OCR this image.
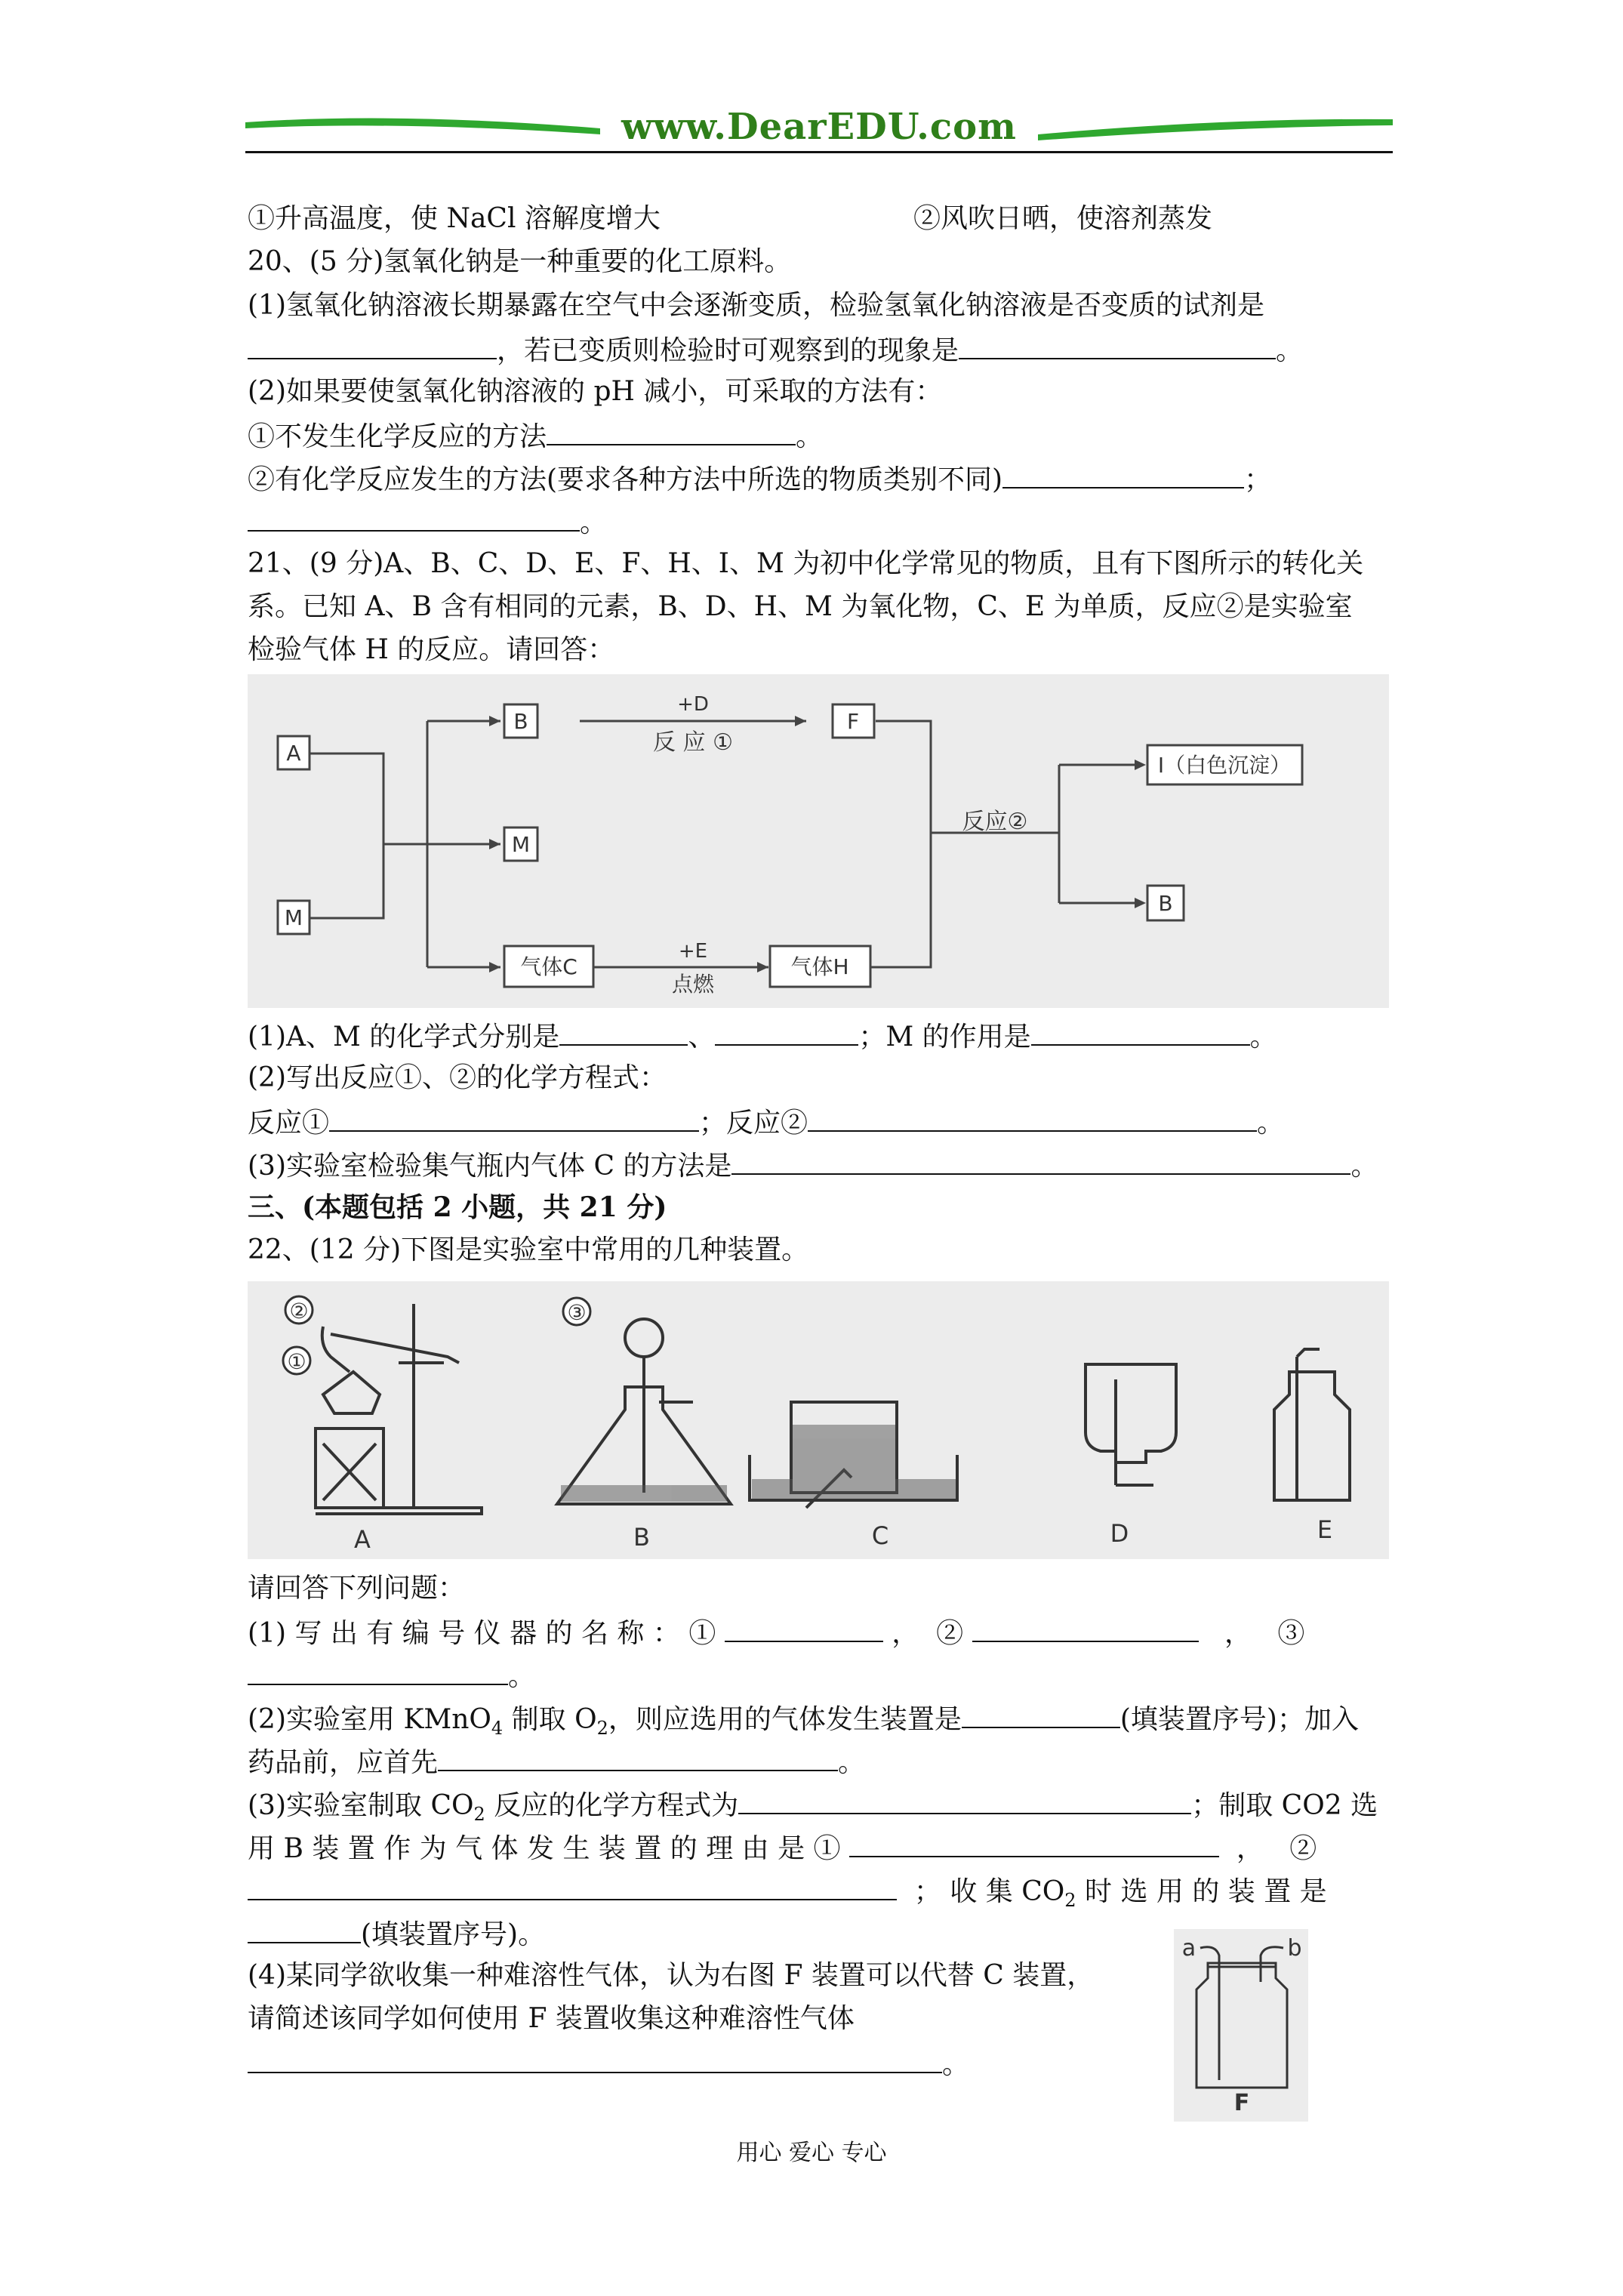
www.DearEDU.com
①升高温度，使 NaCl 溶解度增大	②风吹日晒，使溶剂蒸发
20、(5 分)氢氧化钠是一种重要的化工原料。
(1)氢氧化钠溶液长期暴露在空气中会逐渐变质，检验氢氧化钠溶液是否变质的试剂是
，若已变质则检验时可观察到的现象是	。
(2)如果要使氢氧化钠溶液的 pH 减小，可采取的方法有：
①不发生化学反应的方法	。
②有化学反应发生的方法(要求各种方法中所选的物质类别不同)	；
。
21、(9 分)A、B、C、D、E、F、H、I、M 为初中化学常见的物质，且有下图所示的转化关
系。已知 A、B 含有相同的元素，B、D、H、M 为氧化物，C、E 为单质，反应②是实验室
检验气体 H 的反应。请回答：
A
M
B
M
气体C
F
气体H
I（白色沉淀）
B
+D
反 应 ①
+E
点燃
反应②
(1)A、M 的化学式分别是	、	；M 的作用是	。
(2)写出反应①、②的化学方程式：
反应①	；反应②	。
(3)实验室检验集气瓶内气体 C 的方法是	。
三、(本题包括 2 小题，共 21 分)
22、(12 分)下图是实验室中常用的几种装置。
①
②	③
A	B	C	D	E
请回答下列问题：
(1) 写 出 有 编 号 仪 器 的 名 称 ： ①	， ②	， ③
。
(2)实验室用 KMnO$_4$ 制取 $O_2$，则应选用的气体发生装置是	(填装置序号)；加入
药品前，应首先	。
(3)实验室制取 $CO_2$ 反应的化学方程式为	；制取 CO2 选
用 B 装 置 作 为 气 体 发 生 装 置 的 理 由 是 ①	， ②
； 收 集 $CO_2$ 时 选 用 的 装 置 是
(填装置序号)。
(4)某同学欲收集一种难溶性气体，认为右图 F 装置可以代替 C 装置，
请简述该同学如何使用 F 装置收集这种难溶性气体
。
a	b
F
用心 爱心 专心
